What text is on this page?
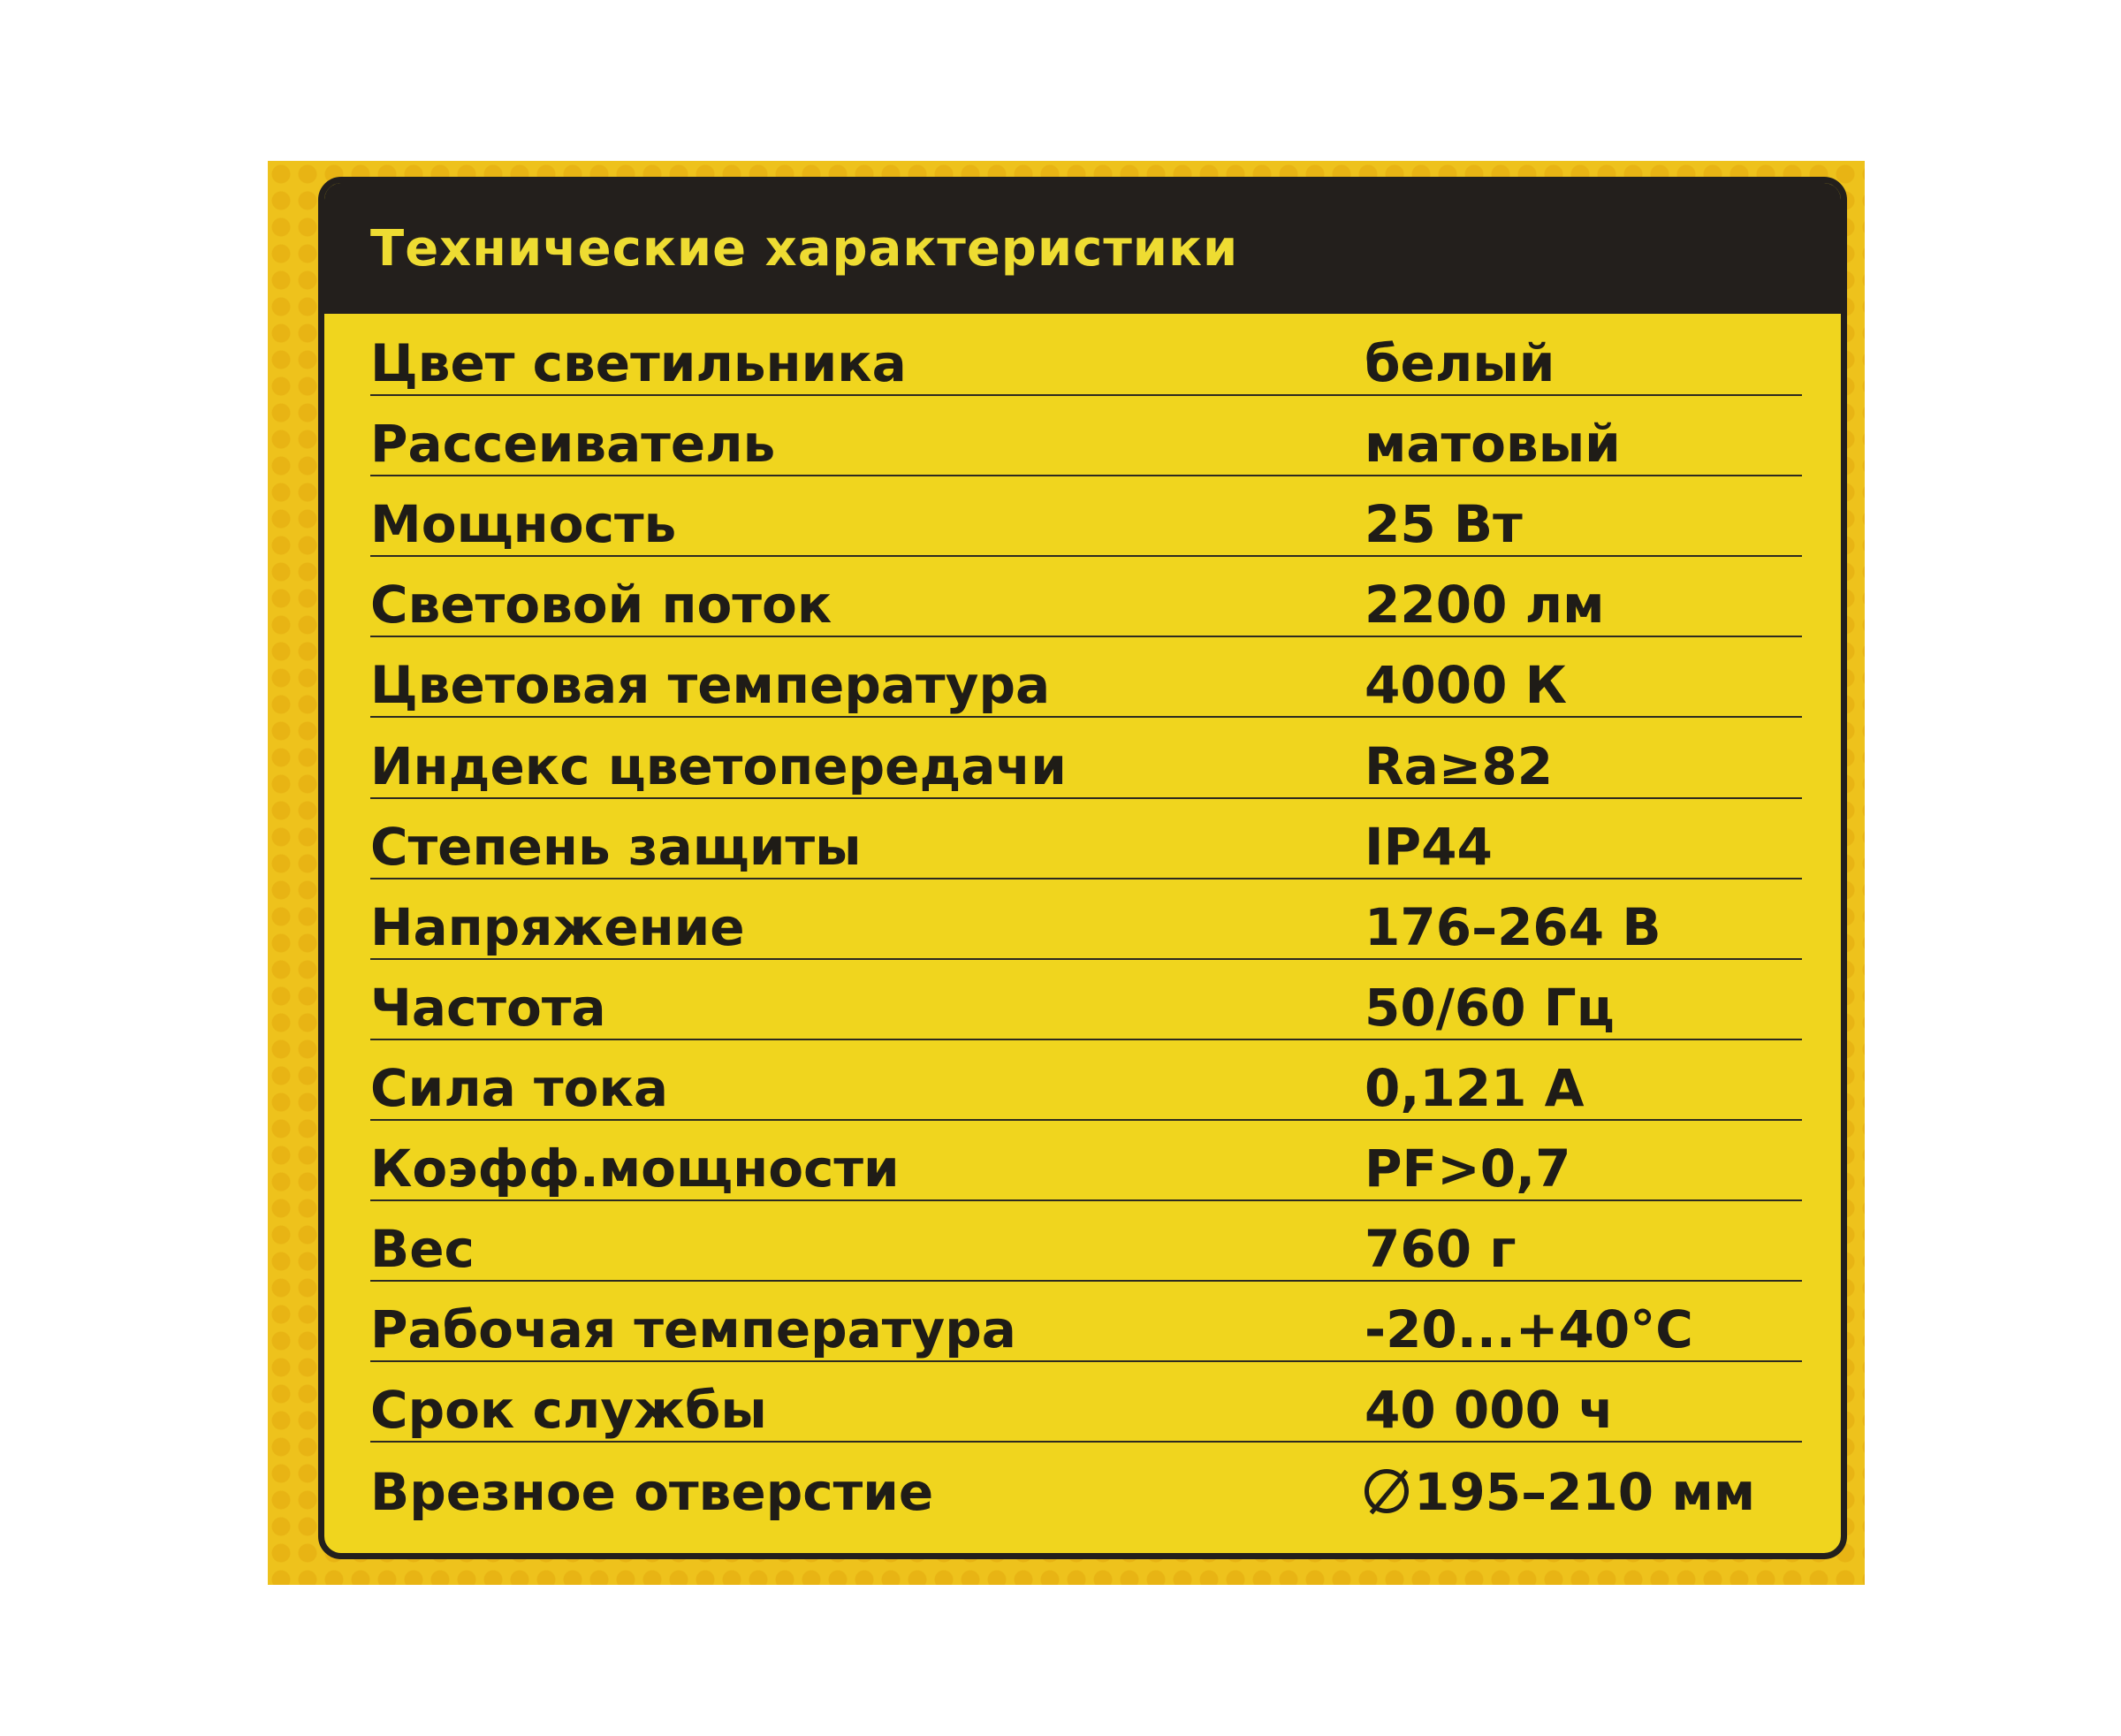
Технические характеристики
Цвет светильника	белый
Рассеиватель	матовый
Мощность	25 Вт
Световой поток	2200 лм
Цветовая температура	4000 К
Индекс цветопередачи	Ra≥82
Степень защиты	IP44
Напряжение	176–264 В
Частота	50/60 Гц
Сила тока	0,121 А
Коэфф.мощности	PF>0,7
Вес	760 г
Рабочая температура	-20...+40°С
Срок службы	40 000 ч
Врезное отверстие	195–210 мм
